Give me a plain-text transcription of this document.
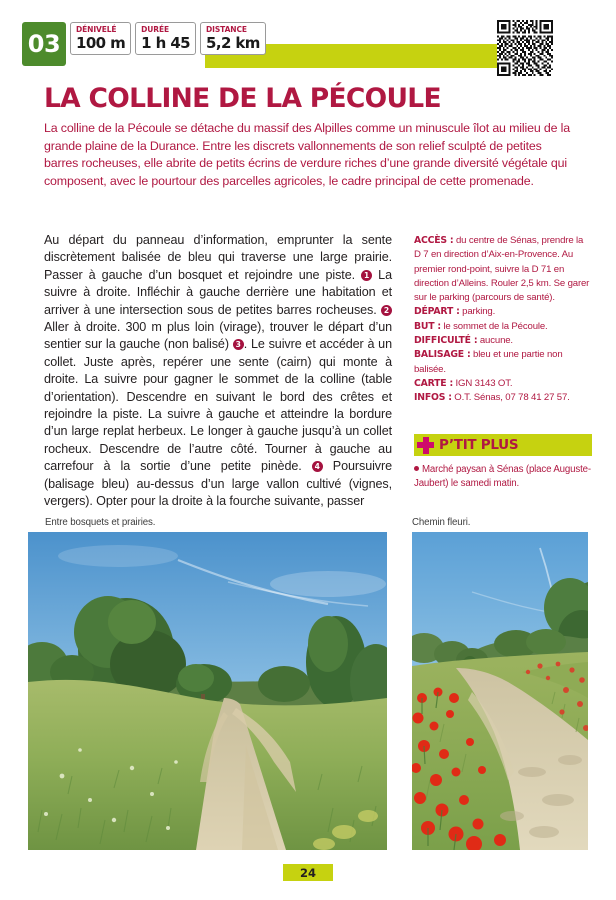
03
DÉNIVELÉ
100 m
DURÉE
1 h 45
DISTANCE
5,2 km
LA COLLINE DE LA PÉCOULE

La colline de la Pécoule se détache du massif des Alpilles comme un minuscule îlot au milieu de la grande plaine de la Durance. Entre les discrets vallonnements de son relief sculpté de petites barres rocheuses, elle abrite de petits écrins de verdure riches d’une grande diversité végétale qui composent, avec le pourtour des parcelles agricoles, le cadre principal de cette promenade.

Au départ du panneau d’information, emprunter la sente discrètement balisée de bleu qui traverse une large prairie. Passer à gauche d’un bosquet et rejoindre une piste. 1 La suivre à droite. Infléchir à gauche derrière une habitation et arriver à une intersection sous de petites barres rocheuses. 2 Aller à droite. 300 m plus loin (virage), trouver le départ d’un sentier sur la gauche (non balisé) 3 . Le suivre et accéder à un collet. Juste après, repérer une sente (cairn) qui monte à droite. La suivre pour gagner le sommet de la colline (table d’orientation). Descendre en suivant le bord des crêtes et rejoindre la piste. La suivre à gauche et atteindre la bordure d’un large replat herbeux. Le longer à gauche jusqu’à un collet rocheux. Descendre de l’autre côté. Tourner à gauche au carrefour à la sortie d’une petite pinède. 4 Poursuivre (balisage bleu) au-dessus d’un large vallon cultivé (vignes, vergers). Opter pour la droite à la fourche suivante, passer

ACCÈS : du centre de Sénas, prendre la D 7 en direction d’Aix-en-Provence. Au premier rond-point, suivre la D 71 en direction d’Alleins. Rouler 2,5 km. Se garer sur le parking (parcours de santé).

DÉPART : parking.

BUT : le sommet de la Pécoule.

DIFFICULTÉ : aucune.

BALISAGE : bleu et une partie non balisée.

CARTE : IGN 3143 OT.

INFOS : O.T. Sénas, 07 78 41 27 57.

P’TIT PLUS
Marché paysan à Sénas (place Auguste-Jaubert) le samedi matin.
Entre bosquets et prairies.	Chemin fleuri.
24
